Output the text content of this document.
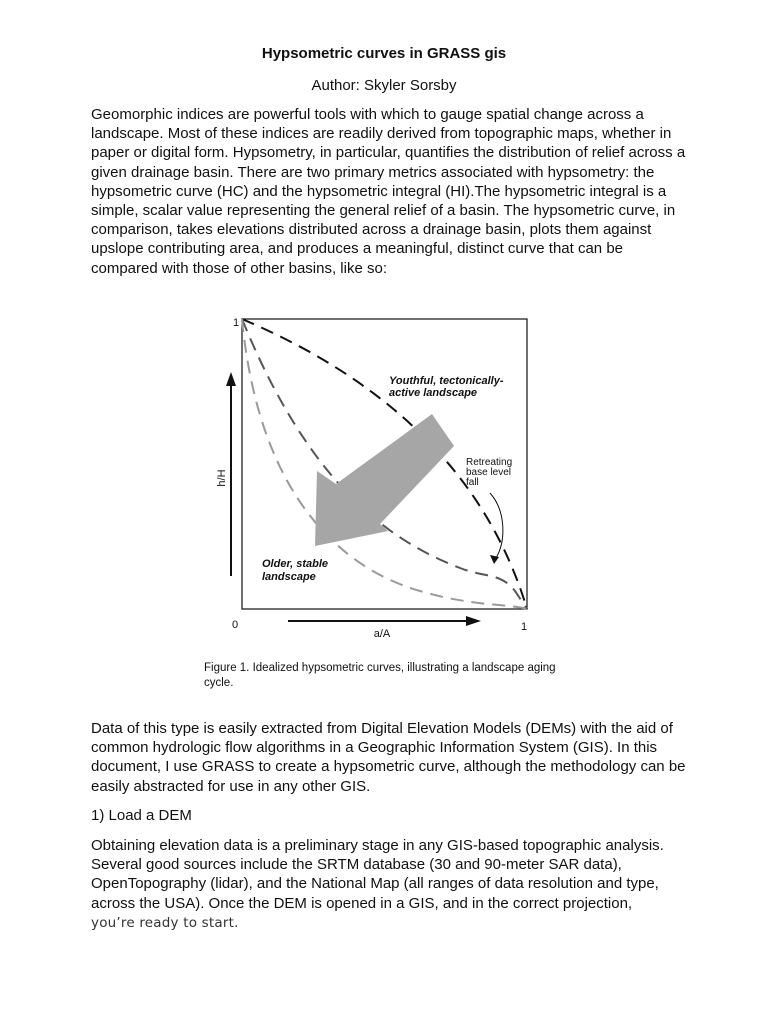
Hypsometric curves in GRASS gis
Author: Skyler Sorsby

Geomorphic indices are powerful tools with which to gauge spatial change across a landscape. Most of these indices are readily derived from topographic maps, whether in paper or digital form. Hypsometry, in particular, quantifies the distribution of relief across a given drainage basin. There are two primary metrics associated with hypsometry: the hypsometric curve (HC) and the hypsometric integral (HI).The hypsometric integral is a simple, scalar value representing the general relief of a basin. The hypsometric curve, in comparison, takes elevations distributed across a drainage basin, plots them against upslope contributing area, and produces a meaningful, distinct curve that can be compared with those of other basins, like so:

1
0	1
h/H
a/A
Youthful, tectonically-
active landscape
Retreating
base level
fall
Older, stable
landscape

Figure 1. Idealized hypsometric curves, illustrating a landscape aging cycle.

Data of this type is easily extracted from Digital Elevation Models (DEMs) with the aid of common hydrologic flow algorithms in a Geographic Information System (GIS). In this document, I use GRASS to create a hypsometric curve, although the methodology can be easily abstracted for use in any other GIS.

1) Load a DEM

Obtaining elevation data is a preliminary stage in any GIS-based topographic analysis. Several good sources include the SRTM database (30 and 90-meter SAR data), OpenTopography (lidar), and the National Map (all ranges of data resolution and type, across the USA). Once the DEM is opened in a GIS, and in the correct projection,
you’re ready to start.
